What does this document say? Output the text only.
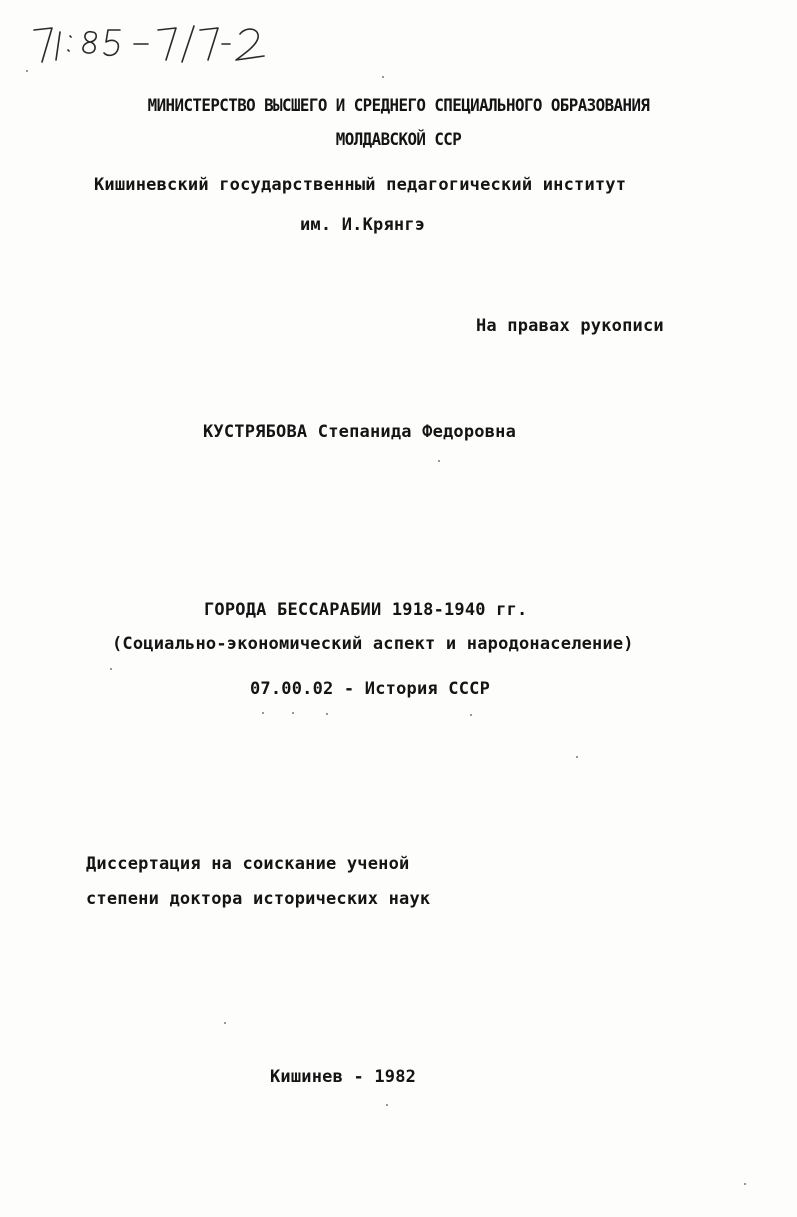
МИНИСТЕРСТВО ВЫСШЕГО И СРЕДНЕГО СПЕЦИАЛЬНОГО ОБРАЗОВАНИЯ
МОЛДАВСКОЙ ССР
Кишиневский государственный педагогический институт
им. И.Крянгэ
На правах рукописи
КУСТРЯБОВА Степанида Федоровна
ГОРОДА БЕССАРАБИИ 1918-1940 гг.
(Социально-экономический аспект и народонаселение)
07.00.02 - История СССР
Диссертация на соискание ученой
степени доктора исторических наук
Кишинев - 1982
